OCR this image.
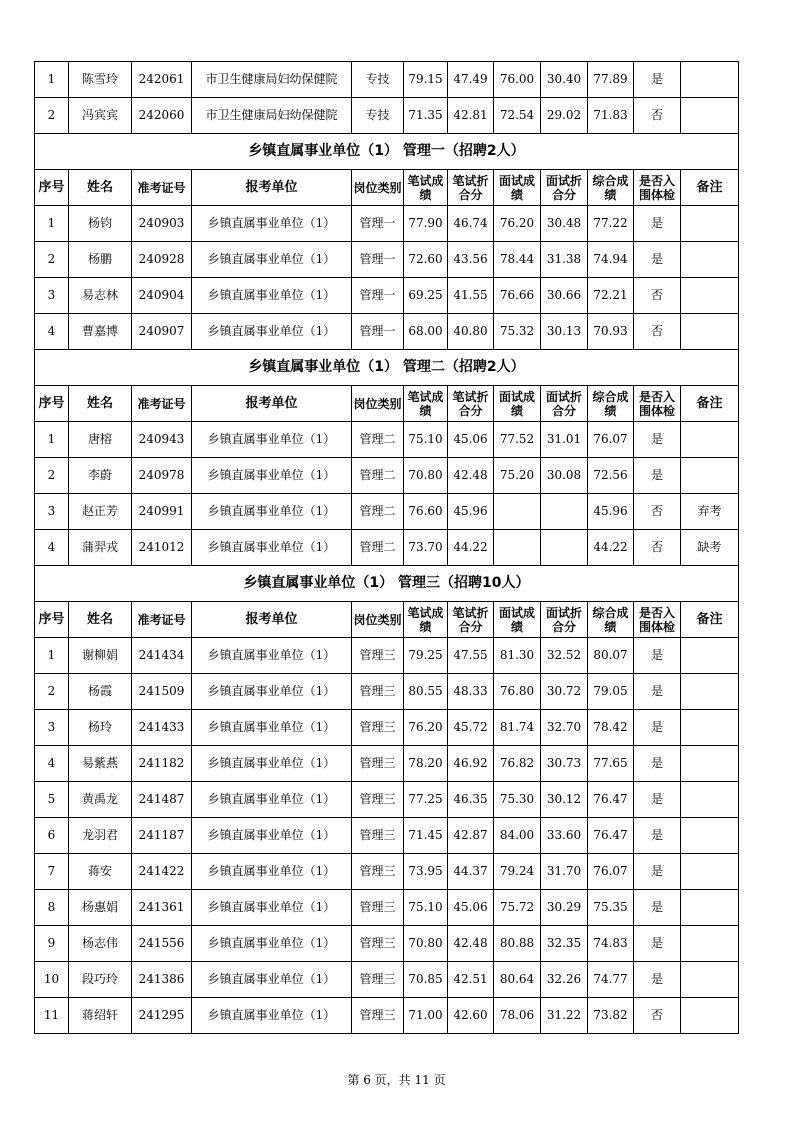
1	陈雪玲	242061	市卫生健康局妇幼保健院	专技	79.15	47.49	76.00	30.40	77.89	是	
2	冯宾宾	242060	市卫生健康局妇幼保健院	专技	71.35	42.81	72.54	29.02	71.83	否	
乡镇直属事业单位（1） 管理一（招聘2人）											
序号	姓名	准考证号	报考单位	岗位类别	笔试成绩	笔试折合分	面试成绩	面试折合分	综合成绩	是否入围体检	备注
1	杨钧	240903	乡镇直属事业单位（1）	管理一	77.90	46.74	76.20	30.48	77.22	是	
2	杨鹏	240928	乡镇直属事业单位（1）	管理一	72.60	43.56	78.44	31.38	74.94	是	
3	易志林	240904	乡镇直属事业单位（1）	管理一	69.25	41.55	76.66	30.66	72.21	否	
4	曹嘉博	240907	乡镇直属事业单位（1）	管理一	68.00	40.80	75.32	30.13	70.93	否	
乡镇直属事业单位（1） 管理二（招聘2人）											
序号	姓名	准考证号	报考单位	岗位类别	笔试成绩	笔试折合分	面试成绩	面试折合分	综合成绩	是否入围体检	备注
1	唐榕	240943	乡镇直属事业单位（1）	管理二	75.10	45.06	77.52	31.01	76.07	是	
2	李蔚	240978	乡镇直属事业单位（1）	管理二	70.80	42.48	75.20	30.08	72.56	是	
3	赵正芳	240991	乡镇直属事业单位（1）	管理二	76.60	45.96			45.96	否	弃考
4	蒲羿戎	241012	乡镇直属事业单位（1）	管理二	73.70	44.22			44.22	否	缺考
乡镇直属事业单位（1） 管理三（招聘10人）											
序号	姓名	准考证号	报考单位	岗位类别	笔试成绩	笔试折合分	面试成绩	面试折合分	综合成绩	是否入围体检	备注
1	谢柳娟	241434	乡镇直属事业单位（1）	管理三	79.25	47.55	81.30	32.52	80.07	是	
2	杨霞	241509	乡镇直属事业单位（1）	管理三	80.55	48.33	76.80	30.72	79.05	是	
3	杨玲	241433	乡镇直属事业单位（1）	管理三	76.20	45.72	81.74	32.70	78.42	是	
4	易紫燕	241182	乡镇直属事业单位（1）	管理三	78.20	46.92	76.82	30.73	77.65	是	
5	黄禹龙	241487	乡镇直属事业单位（1）	管理三	77.25	46.35	75.30	30.12	76.47	是	
6	龙羽君	241187	乡镇直属事业单位（1）	管理三	71.45	42.87	84.00	33.60	76.47	是	
7	蒋安	241422	乡镇直属事业单位（1）	管理三	73.95	44.37	79.24	31.70	76.07	是	
8	杨惠娟	241361	乡镇直属事业单位（1）	管理三	75.10	45.06	75.72	30.29	75.35	是	
9	杨志伟	241556	乡镇直属事业单位（1）	管理三	70.80	42.48	80.88	32.35	74.83	是	
10	段巧玲	241386	乡镇直属事业单位（1）	管理三	70.85	42.51	80.64	32.26	74.77	是	
11	蒋绍轩	241295	乡镇直属事业单位（1）	管理三	71.00	42.60	78.06	31.22	73.82	否	
第 6 页，共 11 页
